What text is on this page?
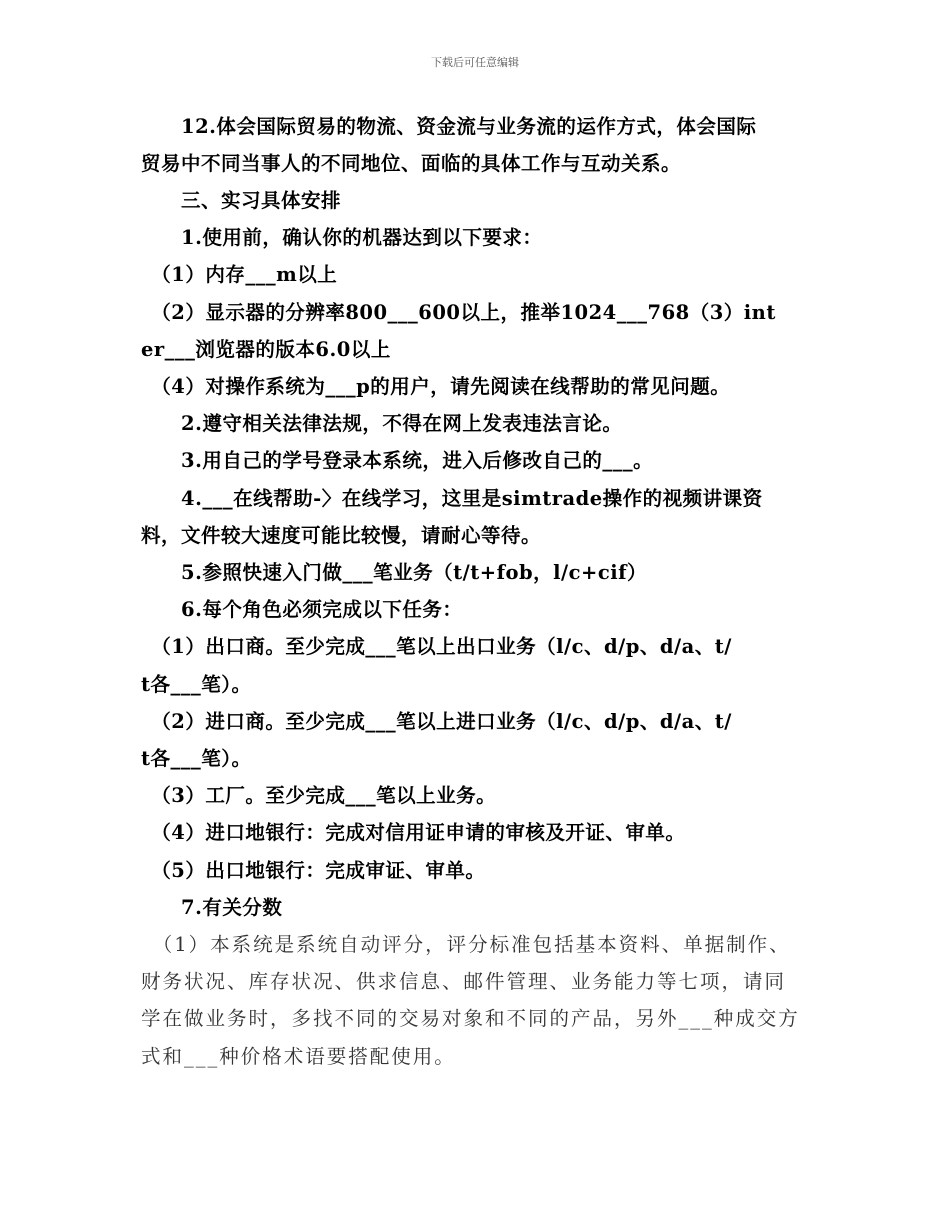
下载后可任意编辑
　　12.体会国际贸易的物流、资金流与业务流的运作方式，体会国际
贸易中不同当事人的不同地位、面临的具体工作与互动关系。
　　三、实习具体安排
　　1.使用前，确认你的机器达到以下要求：
　（1）内存___m以上
　（2）显示器的分辨率800___600以上，推举1024___768（3）int
er___浏览器的版本6.0以上
　（4）对操作系统为___p的用户，请先阅读在线帮助的常见问题。
　　2.遵守相关法律法规，不得在网上发表违法言论。
　　3.用自己的学号登录本系统，进入后修改自己的___。
　　4.___在线帮助-〉在线学习，这里是simtrade操作的视频讲课资
料，文件较大速度可能比较慢，请耐心等待。
　　5.参照快速入门做___笔业务（t/t+fob，l/c+cif）
　　6.每个角色必须完成以下任务：
　（1）出口商。至少完成___笔以上出口业务（l/c、d/p、d/a、t/
t各___笔）。
　（2）进口商。至少完成___笔以上进口业务（l/c、d/p、d/a、t/
t各___笔）。
　（3）工厂。至少完成___笔以上业务。
　（4）进口地银行：完成对信用证申请的审核及开证、审单。
　（5）出口地银行：完成审证、审单。
　　7.有关分数
　（1）本系统是系统自动评分，评分标准包括基本资料、单据制作、
财务状况、库存状况、供求信息、邮件管理、业务能力等七项，请同
学在做业务时，多找不同的交易对象和不同的产品，另外___种成交方
式和___种价格术语要搭配使用。
